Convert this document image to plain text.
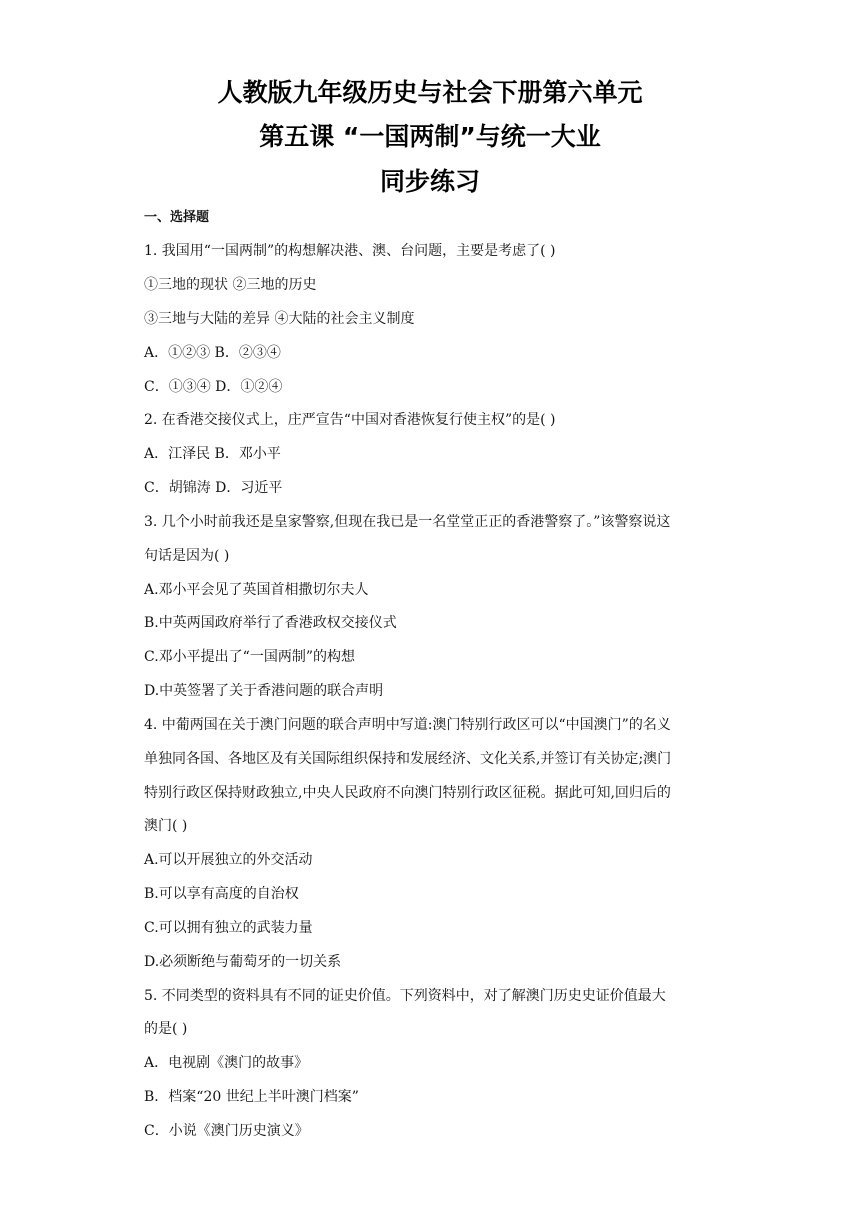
人教版九年级历史与社会下册第六单元
第五课 “一国两制”与统一大业
同步练习
一、选择题
1. 我国用“一国两制”的构想解决港、澳、台问题，主要是考虑了( )
①三地的现状 ②三地的历史
③三地与大陆的差异 ④大陆的社会主义制度
A．①②③ B．②③④
C．①③④ D．①②④
2. 在香港交接仪式上，庄严宣告“中国对香港恢复行使主权”的是( )
A．江泽民 B．邓小平
C．胡锦涛 D．习近平
3. 几个小时前我还是皇家警察,但现在我已是一名堂堂正正的香港警察了。”该警察说这
句话是因为( )
A.邓小平会见了英国首相撒切尔夫人
B.中英两国政府举行了香港政权交接仪式
C.邓小平提出了“一国两制”的构想
D.中英签署了关于香港问题的联合声明
4. 中葡两国在关于澳门问题的联合声明中写道:澳门特别行政区可以“中国澳门”的名义
单独同各国、各地区及有关国际组织保持和发展经济、文化关系,并签订有关协定;澳门
特别行政区保持财政独立,中央人民政府不向澳门特别行政区征税。据此可知,回归后的
澳门( )
A.可以开展独立的外交活动
B.可以享有高度的自治权
C.可以拥有独立的武装力量
D.必须断绝与葡萄牙的一切关系
5. 不同类型的资料具有不同的证史价值。下列资料中，对了解澳门历史史证价值最大
的是( )
A．电视剧《澳门的故事》
B．档案“20 世纪上半叶澳门档案”
C．小说《澳门历史演义》
